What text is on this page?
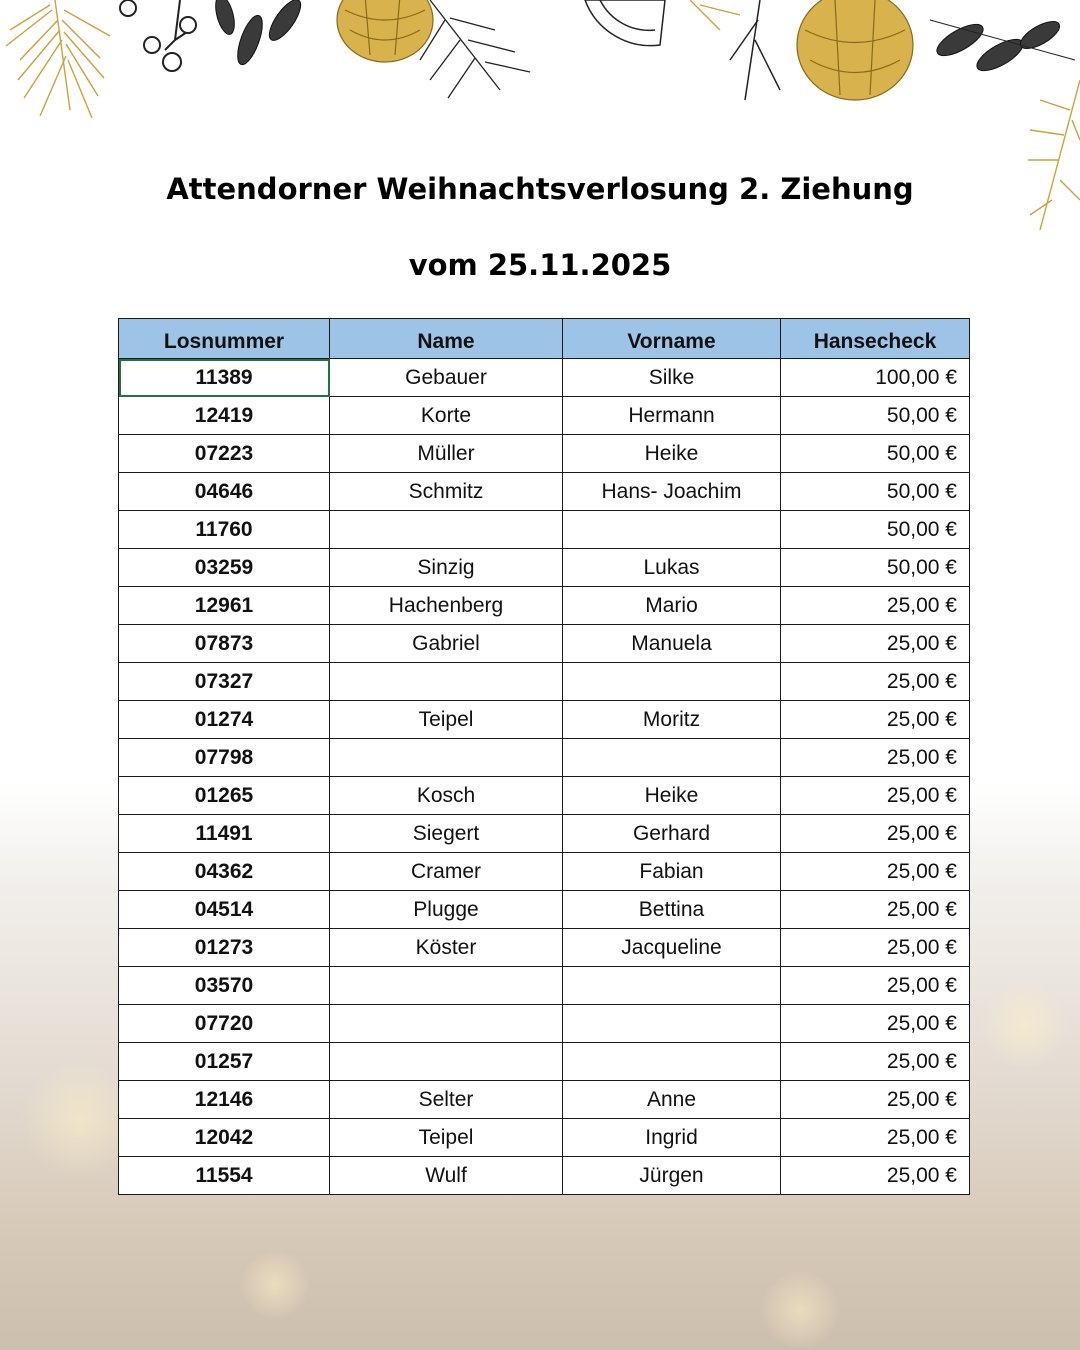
Attendorner Weihnachtsverlosung 2. Ziehung
vom 25.11.2025
Losnummer	Name	Vorname	Hansecheck
11389	Gebauer	Silke	100,00 €
12419	Korte	Hermann	50,00 €
07223	Müller	Heike	50,00 €
04646	Schmitz	Hans- Joachim	50,00 €
11760			50,00 €
03259	Sinzig	Lukas	50,00 €
12961	Hachenberg	Mario	25,00 €
07873	Gabriel	Manuela	25,00 €
07327			25,00 €
01274	Teipel	Moritz	25,00 €
07798			25,00 €
01265	Kosch	Heike	25,00 €
11491	Siegert	Gerhard	25,00 €
04362	Cramer	Fabian	25,00 €
04514	Plugge	Bettina	25,00 €
01273	Köster	Jacqueline	25,00 €
03570			25,00 €
07720			25,00 €
01257			25,00 €
12146	Selter	Anne	25,00 €
12042	Teipel	Ingrid	25,00 €
11554	Wulf	Jürgen	25,00 €
